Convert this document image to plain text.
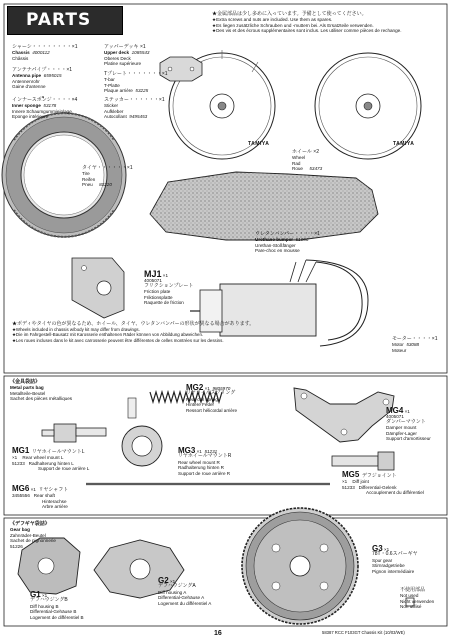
PARTS	★金属部品は少し多めに入っています。予備として使ってください。
★Extra screws and nuts are included. Use them as spares.
★Es liegen zusätzliche Schrauben und -muttern bei. Als Ersatzteile verwenden.
★Des vis et des écrous supplémentaires sont inclus. Les utiliser comme pièces de rechange.
シャーシ・・・・・・・・×1
Chassis 4000112
Châssis
アンテナパイプ・・・・×1
Antenna pipe 6595015
Antennenrohr
Gaine d'antenne
インナースポンジ・・・・×4
Inner sponge 53178
Innere Schaumgummieinlage
Eponge intérieure
タイヤ・・・・・・×1
Tire
Reifen
Pneu 83220
アッパーデッキ ×1
Upper deck 1085543
Oberes Deck
Platine supérieure
Tプレート・・・・・・・×1
T-bar
T-Platte
Plaque arrière 53225
ステッカー・・・・・・×1
Sticker
Aufkleber
Autocollant 9495453
TAMIYA	TAMIYA
ホイール ×2
Wheel
Rad
Roue 53473
ウレタンバンパー・・・・×1
Urethane bumper 51066
Urethan-Stoßfänger
Pare-choc en mousse
MJ1 ×1
4005071
フリクションプレート
Friction plate
Friktionsplatte
Raquette de friction
★ボディやタイヤの色が異なるため、ホイール、タイヤ、ウレタンバンパーの形状が異なる場合があります。
★Wheels included in chassis w/body kit may differ from drawings.
★Die im Fahrgestell-Bausatz mit Karosserie enthaltenen Räder können von Abbildung abweichen.
★Les roues incluses dans le kit avec carrosserie peuvent être différentes de celles montrées sur les dessins.	モーター・・・・×1
Motor 53088
Moteur
《金具袋詰》
Metal parts bag
Metallteile-Beutel
Sachet des pièces métalliques
MG2 ×1 9805970
リヤコイルスプリング
Rear coil spring
Hintere Feder
Ressort hélicoïdal arrière	MG4 ×1
4005071
ダンパーマウント
Damper mount
Dämpfer-Lager
Support d'amortisseur
MG1 リヤホイールマウントL
×1 Rear wheel mount L
51233 Radhalterung hinten L
Support de roue arrière L
MG3 ×1 51231
リヤホイールマウントR
Rear wheel mount R
Radhalterung hinten R
Support de roue arrière R
MG6 ×1 リヤシャフト
3455556 Rear shaft
Hinterachse
Arbre arrière
MG5 デフジョイント
×1 Diff joint
51233 Differential-Gelenk
Accouplement du différentiel
《デフギヤ袋詰》
Gear bag
Zahnräder-Beutel
Sachet de pignonnerie
51226	G3 ×1
78T・0.6スパーギヤ
Spur gear
Stirnradgetriebe
Pignon intermédiaire
G1 ×1
デフハウジングB
Diff housing B
Differential-Gehäuse B
Logement de différentiel B
G2 ×1
デフハウジングA
Diff housing A
Differential-Gehäuse A
Logement du différentiel A
不使用部品
Not used
Nicht verwenden
Non utilisé
16	58387 RCC F103GT Chassis Kit (10/03/WE)
